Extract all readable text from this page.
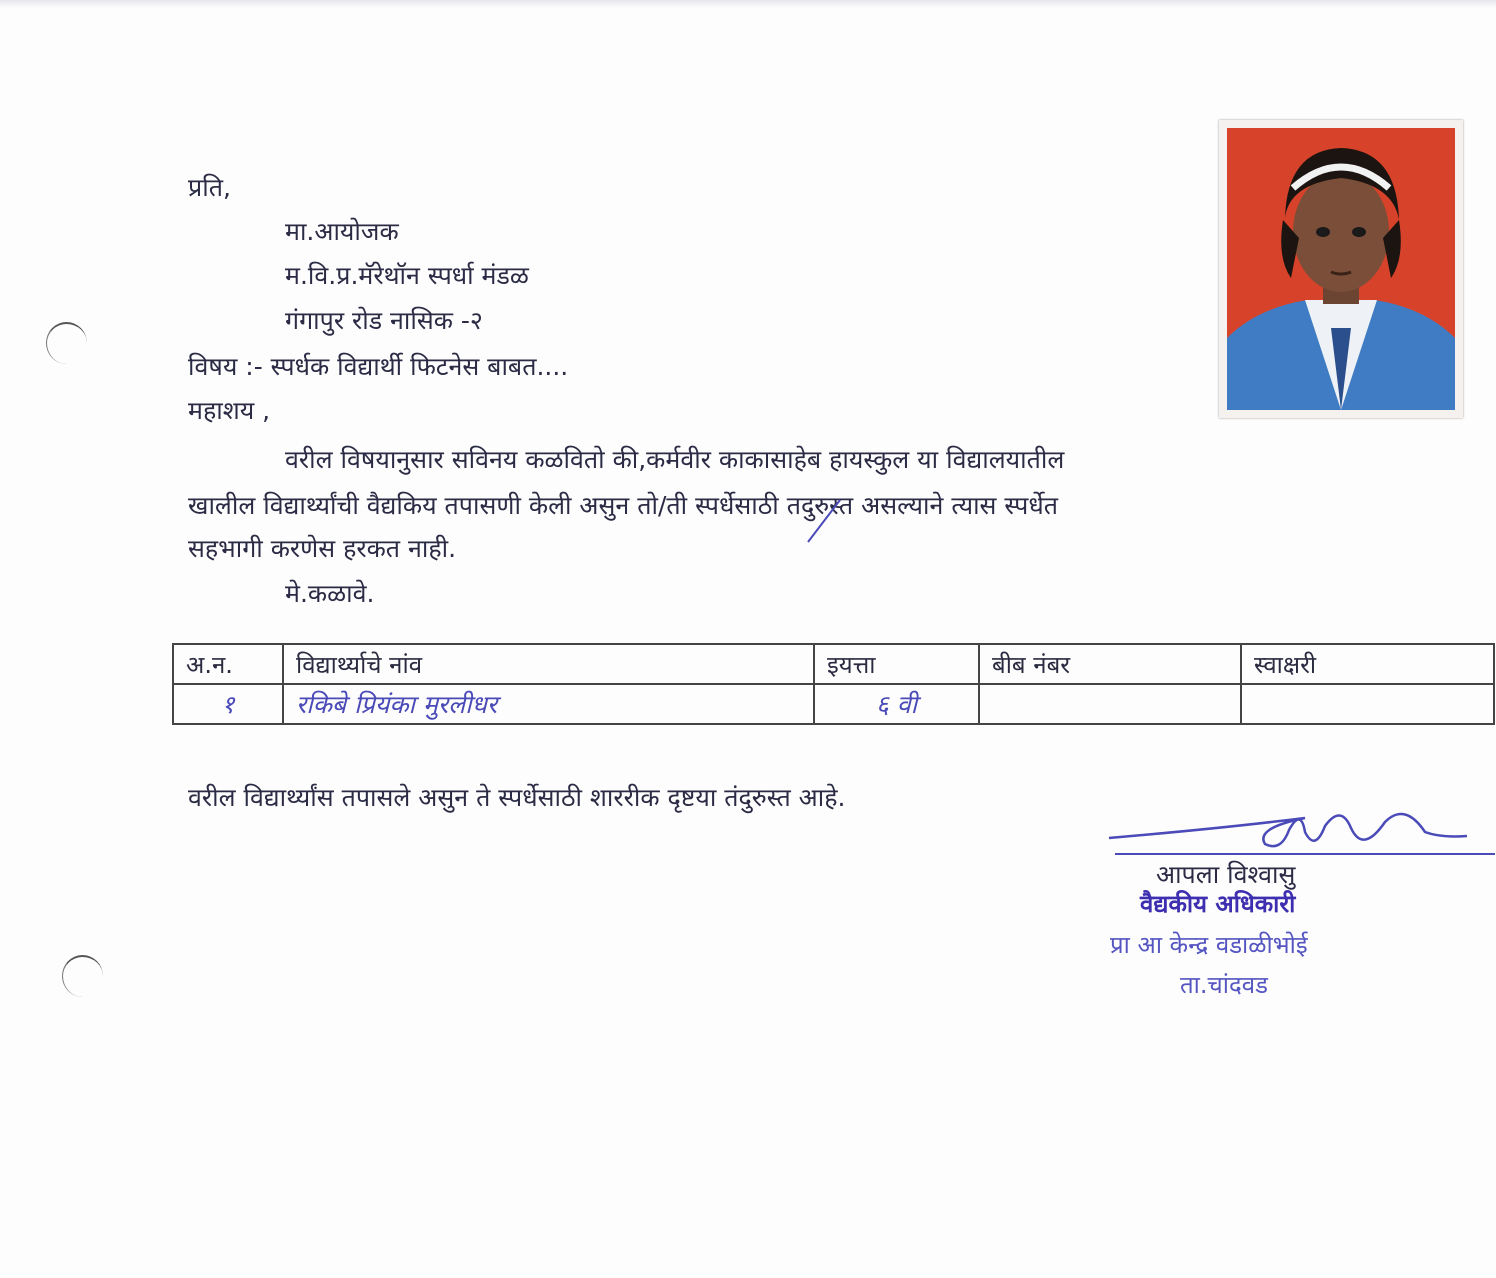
प्रति,
मा.आयोजक
म.वि.प्र.मॅरेथॉन स्पर्धा मंडळ
गंगापुर रोड नासिक -२
विषय :- स्पर्धक विद्यार्थी फिटनेस बाबत....
महाशय ,
वरील विषयानुसार सविनय कळवितो की,कर्मवीर काकासाहेब हायस्कुल या विद्यालयातील
खालील विद्यार्थ्यांची वैद्यकिय तपासणी केली असुन तो/ती स्पर्धेसाठी तदुरुस्त असल्याने त्यास स्पर्धेत
सहभागी करणेस हरकत नाही.
मे.कळावे.
अ.न.	विद्यार्थ्याचे नांव	इयत्ता	बीब नंबर	स्वाक्षरी
१	रकिबे प्रियंका मुरलीधर	६ वी		
वरील विद्यार्थ्यांस तपासले असुन ते स्पर्धेसाठी शाररीक दृष्टया तंदुरुस्त आहे.
आपला विश्वासु
वैद्यकीय अधिकारी
प्रा आ केन्द्र वडाळीभोई
ता.चांदवड
